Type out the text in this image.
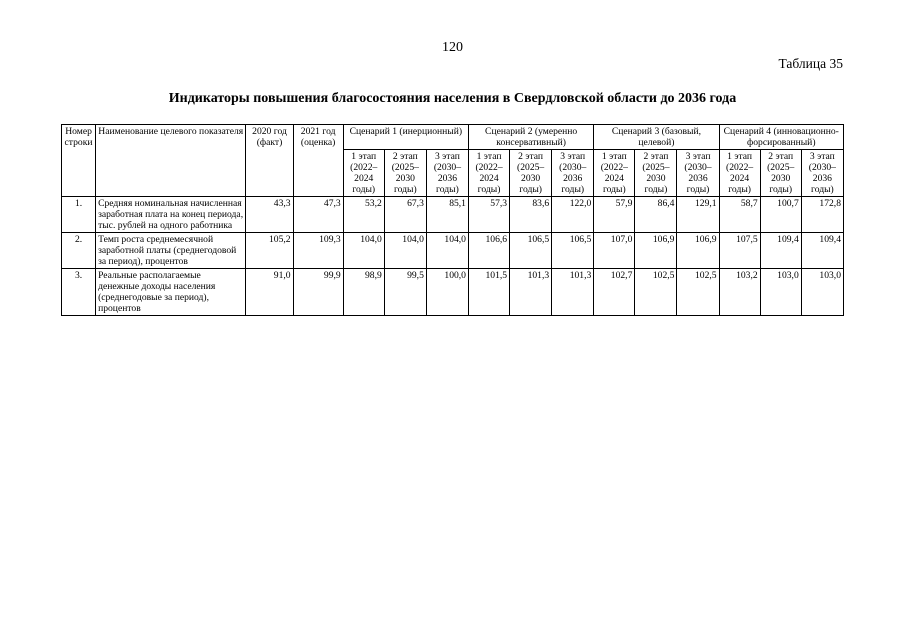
120
Таблица 35
Индикаторы повышения благосостояния населения в Свердловской области до 2036 года
Номер строки	Наименование целевого показателя	2020 год (факт)	2021 год (оценка)	Сценарий 1 (инерционный)			Сценарий 2 (умеренно консервативный)			Сценарий 3 (базовый, целевой)			Сценарий 4 (инновационно-форсированный)		
				1 этап (2022–2024 годы)	2 этап (2025–2030 годы)	3 этап (2030–2036 годы)	1 этап (2022–2024 годы)	2 этап (2025–2030 годы)	3 этап (2030–2036 годы)	1 этап (2022–2024 годы)	2 этап (2025–2030 годы)	3 этап (2030–2036 годы)	1 этап (2022–2024 годы)	2 этап (2025–2030 годы)	3 этап (2030–2036 годы)
1.	Средняя номинальная начисленная заработная плата на конец периода, тыс. рублей на одного работника	43,3	47,3	53,2	67,3	85,1	57,3	83,6	122,0	57,9	86,4	129,1	58,7	100,7	172,8
2.	Темп роста среднемесячной заработной платы (среднегодовой за период), процентов	105,2	109,3	104,0	104,0	104,0	106,6	106,5	106,5	107,0	106,9	106,9	107,5	109,4	109,4
3.	Реальные располагаемые денежные доходы населения (среднегодовые за период), процентов	91,0	99,9	98,9	99,5	100,0	101,5	101,3	101,3	102,7	102,5	102,5	103,2	103,0	103,0
